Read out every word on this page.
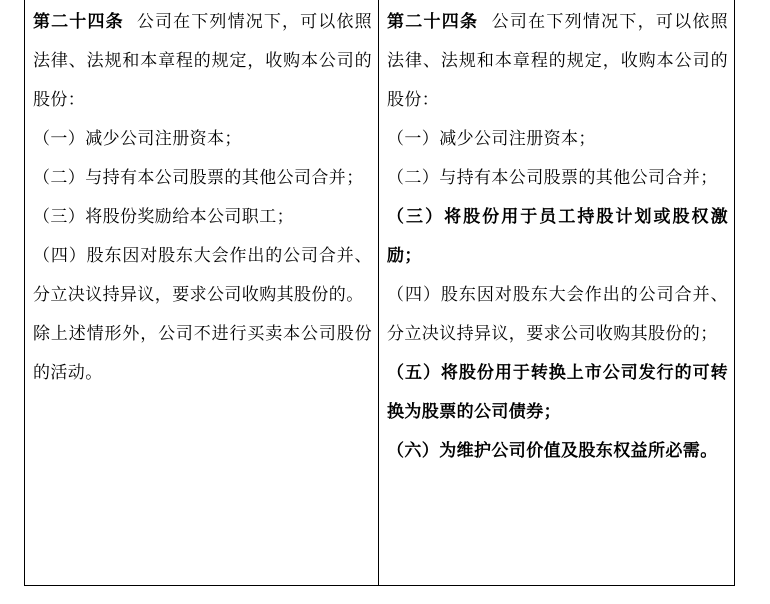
第二十四条 公司在下列情况下，可以依照法律、法规和本章程的规定，收购本公司的股份：

（一）减少公司注册资本；

（二）与持有本公司股票的其他公司合并；

（三）将股份奖励给本公司职工；

（四）股东因对股东大会作出的公司合并、分立决议持异议，要求公司收购其股份的。

除上述情形外，公司不进行买卖本公司股份的活动。

第二十四条 公司在下列情况下，可以依照法律、法规和本章程的规定，收购本公司的股份：

（一）减少公司注册资本；

（二）与持有本公司股票的其他公司合并；

（三）将股份用于员工持股计划或股权激励；

（四）股东因对股东大会作出的公司合并、分立决议持异议，要求公司收购其股份的；

（五）将股份用于转换上市公司发行的可转换为股票的公司债券；

（六）为维护公司价值及股东权益所必需。
